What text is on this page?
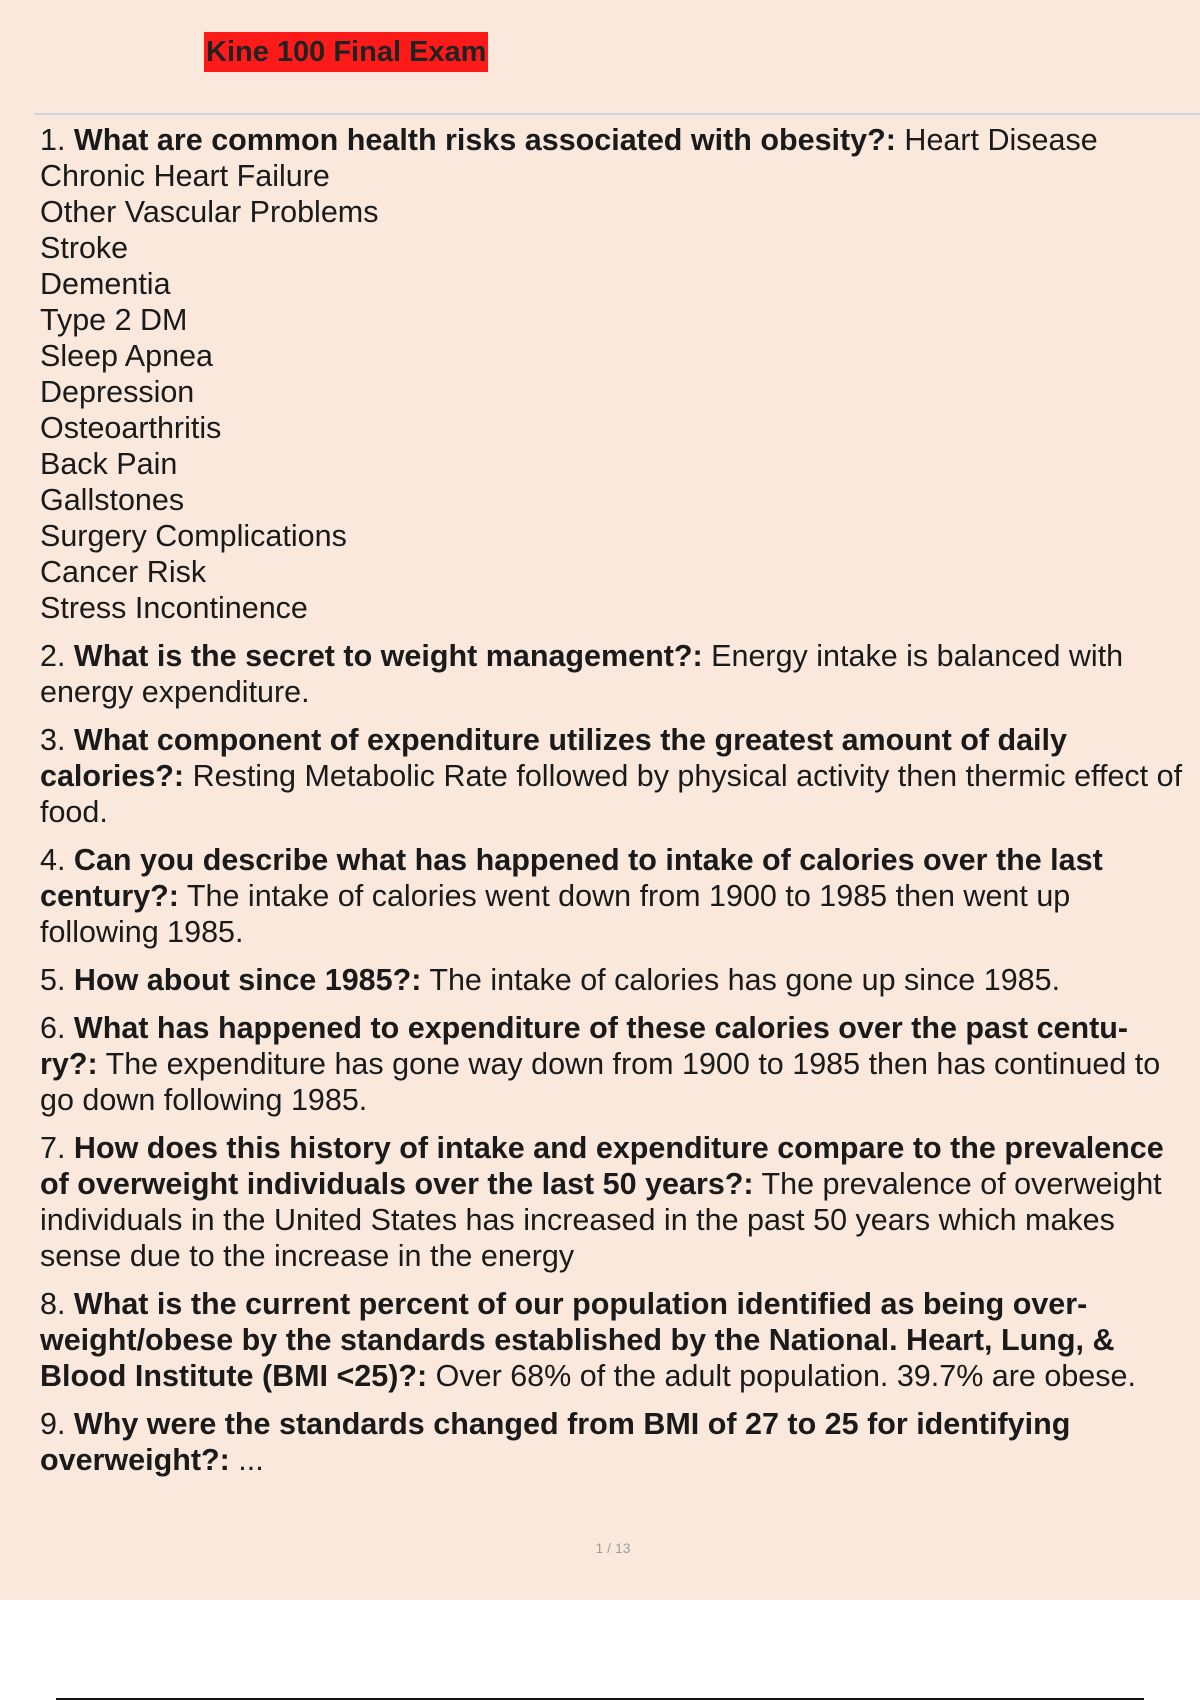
Kine 100 Final Exam
1. What are common health risks associated with obesity?: Heart Disease
Chronic Heart Failure
Other Vascular Problems
Stroke
Dementia
Type 2 DM
Sleep Apnea
Depression
Osteoarthritis
Back Pain
Gallstones
Surgery Complications
Cancer Risk
Stress Incontinence
2. What is the secret to weight management?: Energy intake is balanced with energy expenditure.
3. What component of expenditure utilizes the greatest amount of daily calories?: Resting Metabolic Rate followed by physical activity then thermic effect of food.
4. Can you describe what has happened to intake of calories over the last century?: The intake of calories went down from 1900 to 1985 then went up following 1985.
5. How about since 1985?: The intake of calories has gone up since 1985.
6. What has happened to expenditure of these calories over the past centu- ry?: The expenditure has gone way down from 1900 to 1985 then has continued to go down following 1985.
7. How does this history of intake and expenditure compare to the prevalence of overweight individuals over the last 50 years?: The prevalence of overweight individuals in the United States has increased in the past 50 years which makes sense due to the increase in the energy
8. What is the current percent of our population identified as being over- weight/obese by the standards established by the National. Heart, Lung, & Blood Institute (BMI <25)?: Over 68% of the adult population. 39.7% are obese.
9. Why were the standards changed from BMI of 27 to 25 for identifying overweight?: ...
1 / 13
